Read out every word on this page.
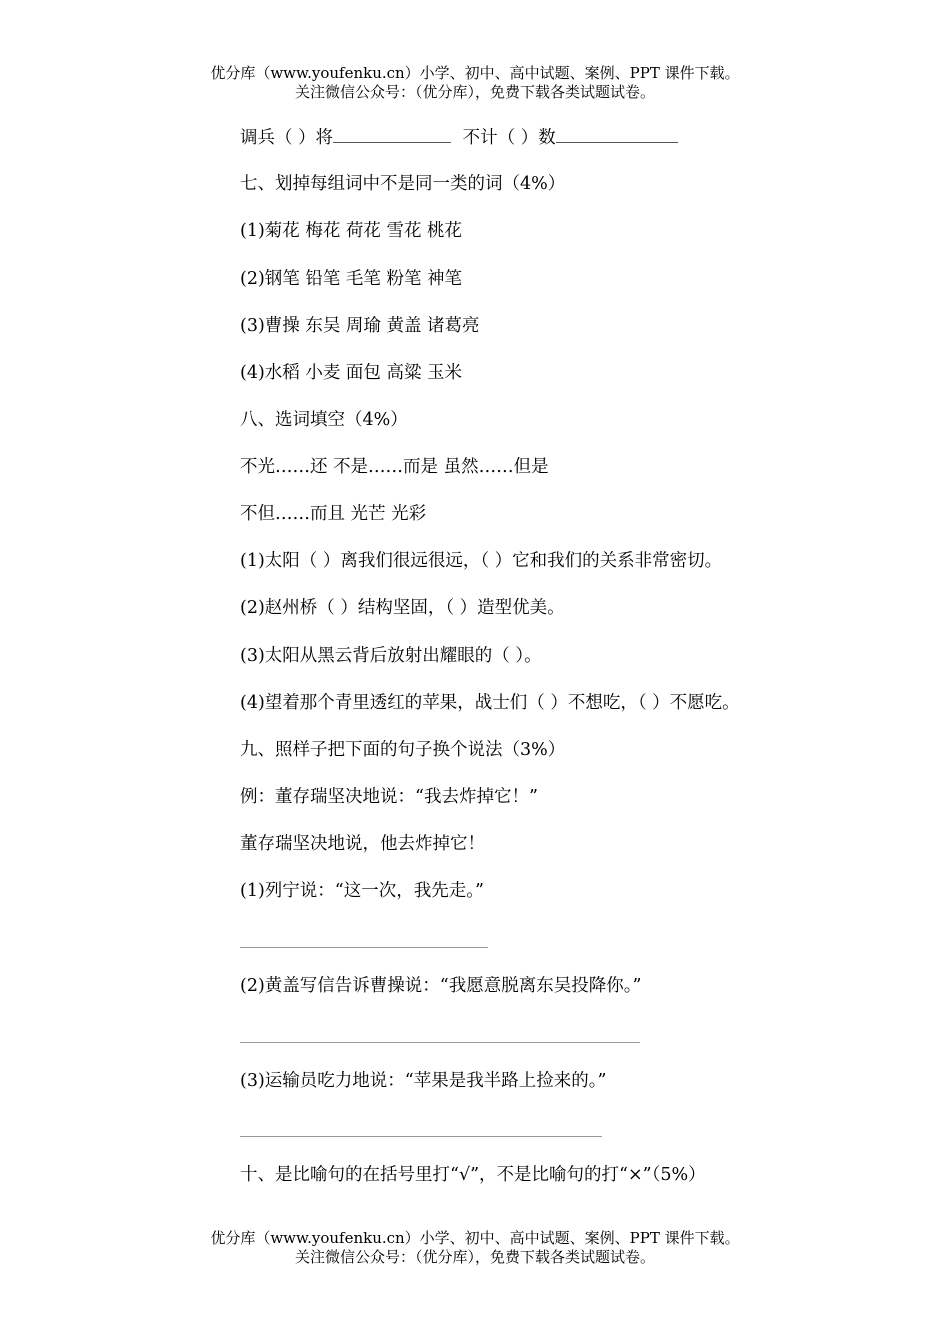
优分库（www.youfenku.cn）小学、初中、高中试题、案例、PPT 课件下载。
关注微信公众号：（优分库），免费下载各类试题试卷。
调兵（ ）将	不计（ ）数
七、划掉每组词中不是同一类的词（4%）
(1)菊花 梅花 荷花 雪花 桃花
(2)钢笔 铅笔 毛笔 粉笔 神笔
(3)曹操 东吴 周瑜 黄盖 诸葛亮
(4)水稻 小麦 面包 高粱 玉米
八、选词填空（4%）
不光……还 不是……而是 虽然……但是
不但……而且 光芒 光彩
(1)太阳（ ）离我们很远很远，（ ）它和我们的关系非常密切。
(2)赵州桥（ ）结构坚固，（ ）造型优美。
(3)太阳从黑云背后放射出耀眼的（ ）。
(4)望着那个青里透红的苹果，战士们（ ）不想吃，（ ）不愿吃。
九、照样子把下面的句子换个说法（3%）
例：董存瑞坚决地说：“我去炸掉它！”
董存瑞坚决地说，他去炸掉它！
(1)列宁说：“这一次，我先走。”
(2)黄盖写信告诉曹操说：“我愿意脱离东吴投降你。”
(3)运输员吃力地说：“苹果是我半路上捡来的。”
十、是比喻句的在括号里打“√”，不是比喻句的打“×”（5%）
优分库（www.youfenku.cn）小学、初中、高中试题、案例、PPT 课件下载。
关注微信公众号：（优分库），免费下载各类试题试卷。
